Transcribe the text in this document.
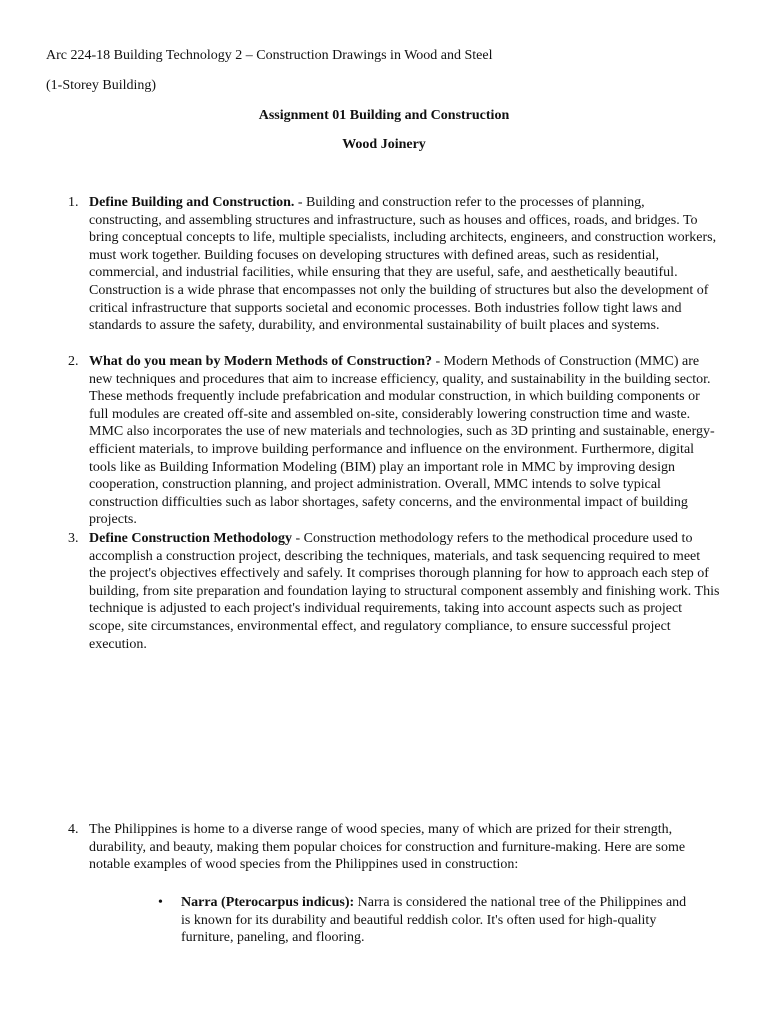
Arc 224-18 Building Technology 2 – Construction Drawings in Wood and Steel
(1-Storey Building)
Assignment 01 Building and Construction
Wood Joinery
1. Define Building and Construction. - Building and construction refer to the processes of planning, constructing, and assembling structures and infrastructure, such as houses and offices, roads, and bridges. To bring conceptual concepts to life, multiple specialists, including architects, engineers, and construction workers, must work together. Building focuses on developing structures with defined areas, such as residential, commercial, and industrial facilities, while ensuring that they are useful, safe, and aesthetically beautiful. Construction is a wide phrase that encompasses not only the building of structures but also the development of critical infrastructure that supports societal and economic processes. Both industries follow tight laws and standards to assure the safety, durability, and environmental sustainability of built places and systems.
2. What do you mean by Modern Methods of Construction? - Modern Methods of Construction (MMC) are new techniques and procedures that aim to increase efficiency, quality, and sustainability in the building sector. These methods frequently include prefabrication and modular construction, in which building components or full modules are created off-site and assembled on-site, considerably lowering construction time and waste. MMC also incorporates the use of new materials and technologies, such as 3D printing and sustainable, energy-efficient materials, to improve building performance and influence on the environment. Furthermore, digital tools like as Building Information Modeling (BIM) play an important role in MMC by improving design cooperation, construction planning, and project administration. Overall, MMC intends to solve typical construction difficulties such as labor shortages, safety concerns, and the environmental impact of building projects.
3. Define Construction Methodology - Construction methodology refers to the methodical procedure used to accomplish a construction project, describing the techniques, materials, and task sequencing required to meet the project's objectives effectively and safely. It comprises thorough planning for how to approach each step of building, from site preparation and foundation laying to structural component assembly and finishing work. This technique is adjusted to each project's individual requirements, taking into account aspects such as project scope, site circumstances, environmental effect, and regulatory compliance, to ensure successful project execution.
4. The Philippines is home to a diverse range of wood species, many of which are prized for their strength, durability, and beauty, making them popular choices for construction and furniture-making. Here are some notable examples of wood species from the Philippines used in construction:
• Narra (Pterocarpus indicus): Narra is considered the national tree of the Philippines and is known for its durability and beautiful reddish color. It's often used for high-quality furniture, paneling, and flooring.
